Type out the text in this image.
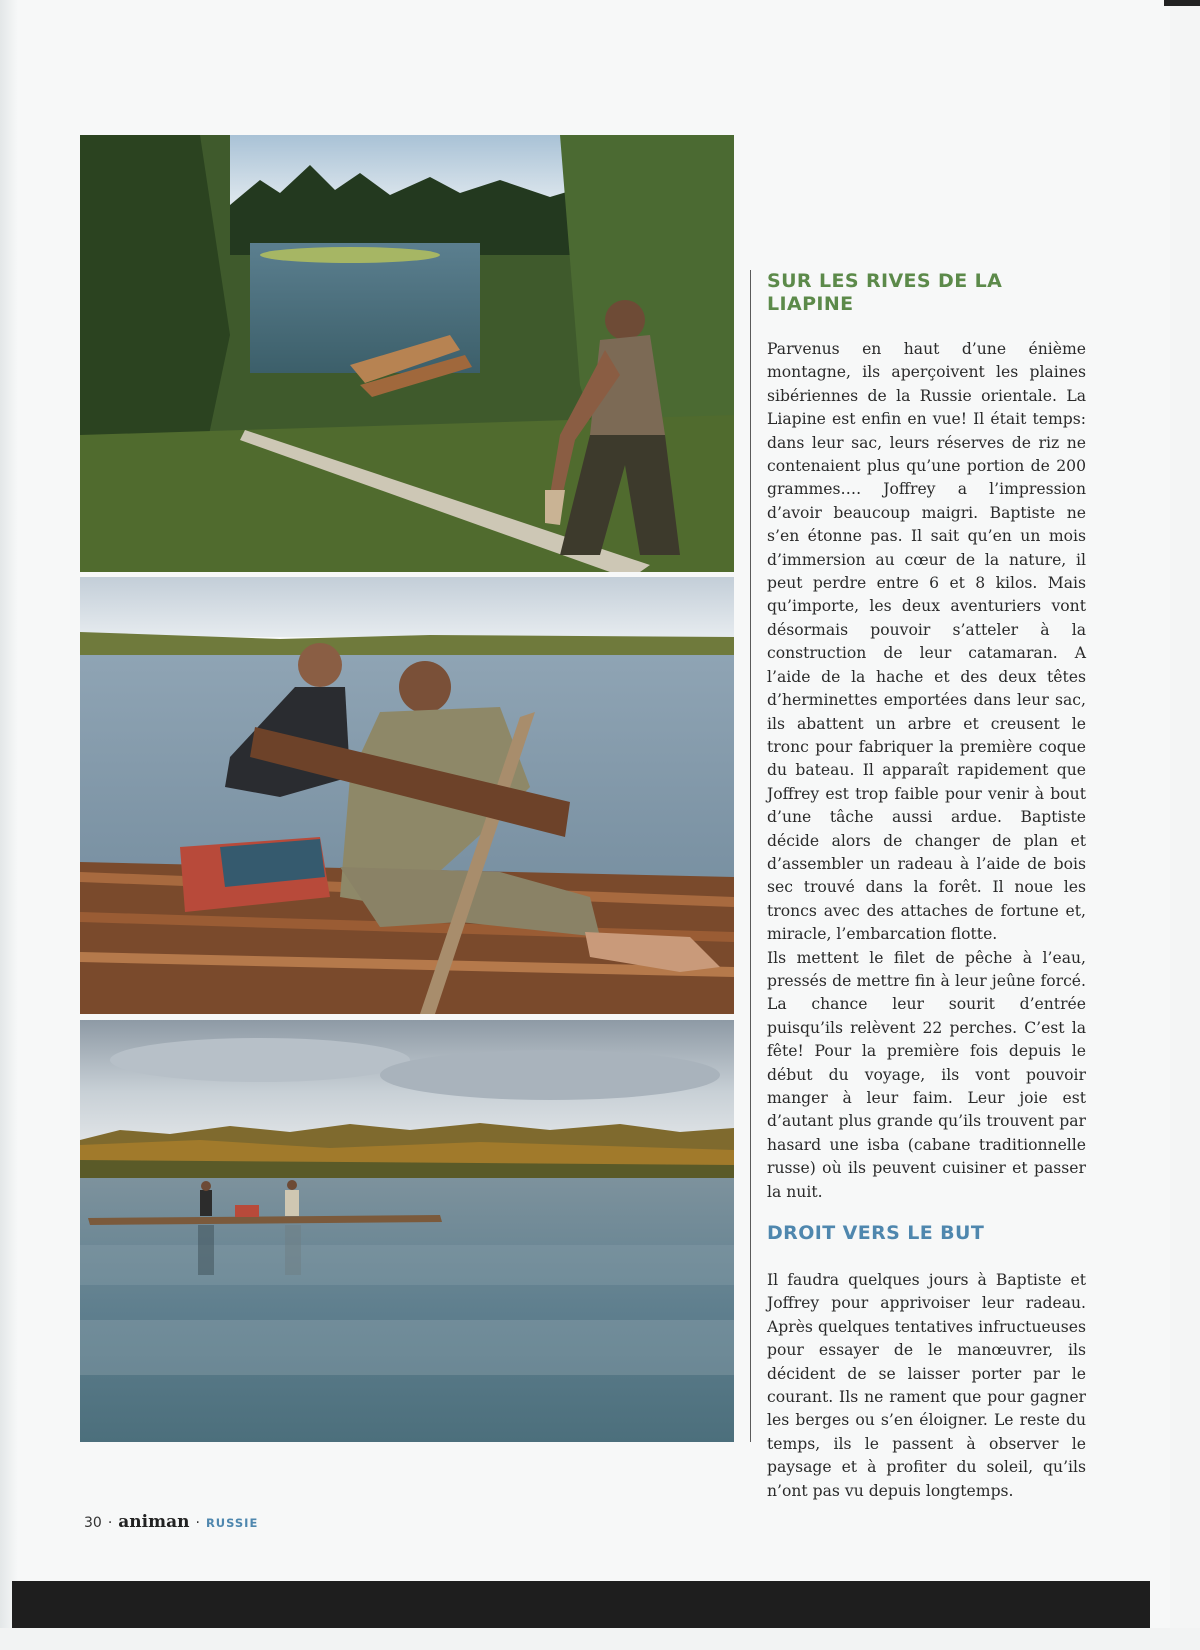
SUR LES RIVES DE LA LIAPINE

Parvenus en haut d’une énième montagne, ils aperçoivent les plaines sibériennes de la Russie orientale. La Liapine est enfin en vue! Il était temps: dans leur sac, leurs réserves de riz ne contenaient plus qu’une portion de 200 grammes…. Joffrey a l’impression d’avoir beaucoup maigri. Baptiste ne s’en étonne pas. Il sait qu’en un mois d’immersion au cœur de la nature, il peut perdre entre 6 et 8 kilos. Mais qu’importe, les deux aventuriers vont désormais pouvoir s’atteler à la construction de leur catamaran. A l’aide de la hache et des deux têtes d’herminettes emportées dans leur sac, ils abattent un arbre et creusent le tronc pour fabriquer la première coque du bateau. Il apparaît rapidement que Joffrey est trop faible pour venir à bout d’une tâche aussi ardue. Baptiste décide alors de changer de plan et d’assembler un radeau à l’aide de bois sec trouvé dans la forêt. Il noue les troncs avec des attaches de fortune et, miracle, l’embarcation flotte.

Ils mettent le filet de pêche à l’eau, pressés de mettre fin à leur jeûne forcé. La chance leur sourit d’entrée puisqu’ils relèvent 22 perches. C’est la fête! Pour la première fois depuis le début du voyage, ils vont pouvoir manger à leur faim. Leur joie est d’autant plus grande qu’ils trouvent par hasard une isba (cabane traditionnelle russe) où ils peuvent cuisiner et passer la nuit.

DROIT VERS LE BUT

Il faudra quelques jours à Baptiste et Joffrey pour apprivoiser leur radeau. Après quelques tentatives infructueuses pour essayer de le manœuvrer, ils décident de se laisser porter par le courant. Ils ne rament que pour gagner les berges ou s’en éloigner. Le reste du temps, ils le passent à observer le paysage et à profiter du soleil, qu’ils n’ont pas vu depuis longtemps.

30 · animan · RUSSIE
